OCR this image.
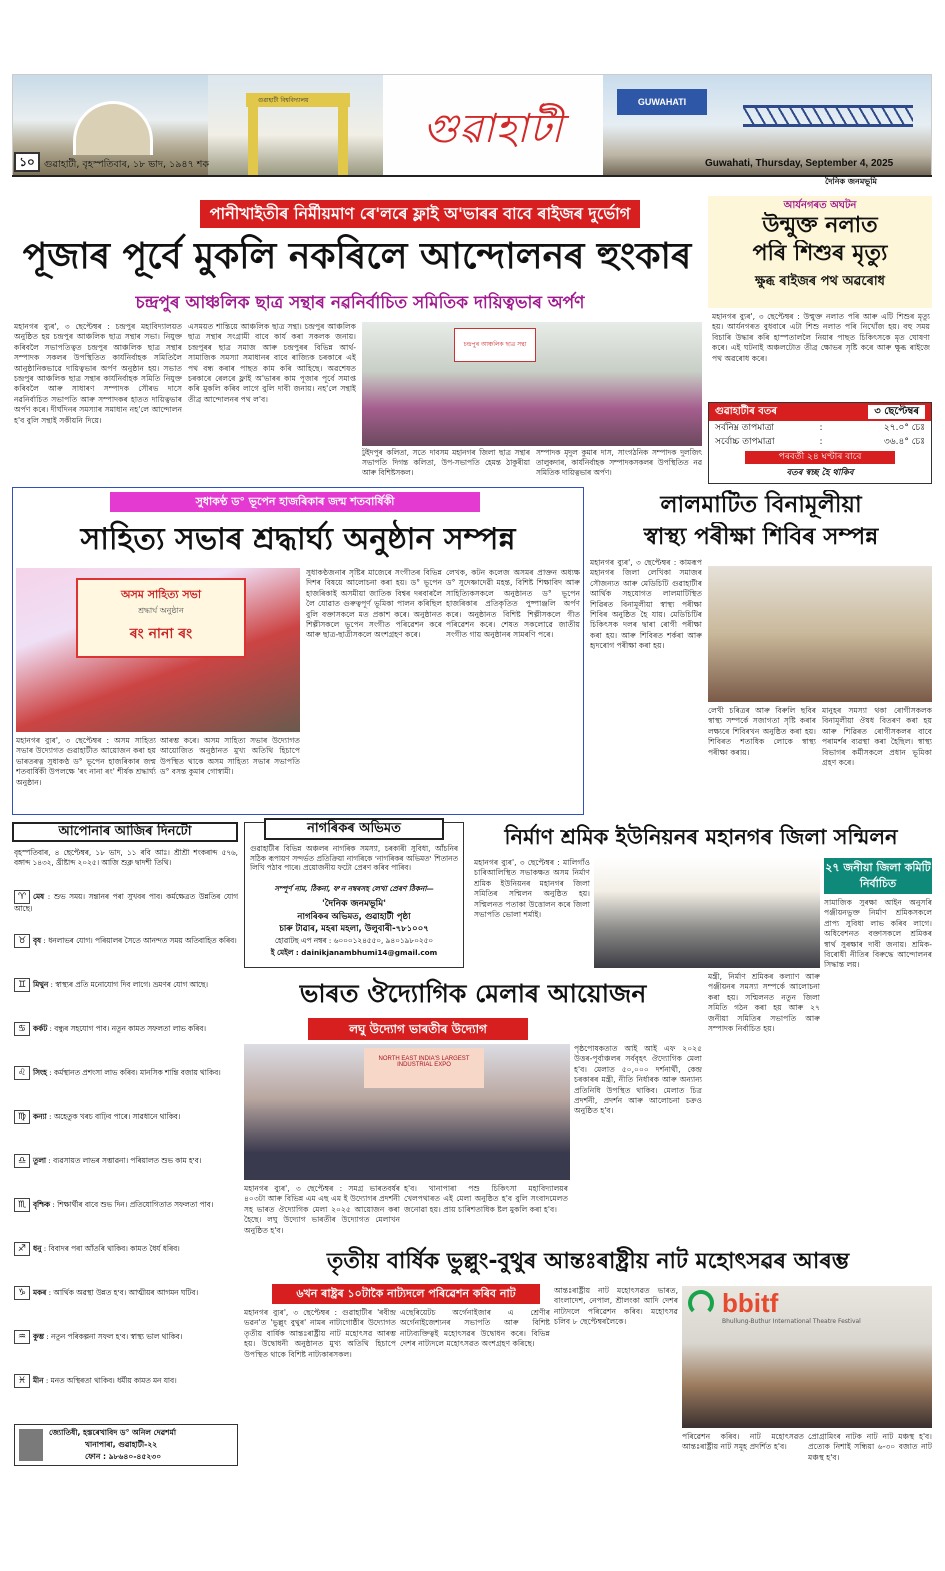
গুৱাহাটী বিশ্ববিদ্যালয়
গুৱাহাটী
GUWAHATI
১০ গুৱাহাটী, বৃহস্পতিবাৰ, ১৮ ভাদ, ১৯৪৭ শক	Guwahati, Thursday, September 4, 2025
দৈনিক জনমভূমি
পানীখাইতীৰ নিৰ্মীয়মাণ ৰে'লৰে ফ্লাই অ'ভাৰৰ বাবে ৰাইজৰ দুৰ্ভোগ
পূজাৰ পূৰ্বে মুকলি নকৰিলে আন্দোলনৰ হুংকাৰ
চন্দ্ৰপুৰ আঞ্চলিক ছাত্ৰ সন্থাৰ নৱনিৰ্বাচিত সমিতিক দায়িত্বভাৰ অৰ্পণ
মহানগৰ ব্যুৰ', ৩ ছেপ্টেম্বৰ : চন্দ্ৰপুৰ মহাবিদ্যালয়ত অনুষ্ঠিত হয় চন্দ্ৰপুৰ আঞ্চলিক ছাত্ৰ সন্থাৰ সভা। নিযুক্ত কৰিবলৈ সভাপতিত্বত চন্দ্ৰপুৰ আঞ্চলিক ছাত্ৰ সন্থাৰ সম্পাদক সকলৰ উপস্থিতিত কাৰ্যনিৰ্বাহক সমিতিলৈ আনুষ্ঠানিকভাৱে দায়িত্বভাৰ অৰ্পণ অনুষ্ঠান হয়। সভাত চন্দ্ৰপুৰ আঞ্চলিক ছাত্ৰ সন্থাৰ কাৰ্যনিৰ্বাহক সমিতি নিযুক্ত কৰিবলৈ আৰু সাধাৰণ সম্পাদক সৌৰভ দাসে নৱনিৰ্বাচিত সভাপতি আৰু সম্পাদকৰ হাতত দায়িত্বভাৰ অৰ্পণ কৰে। দীৰ্ঘদিনৰ সমস্যাৰ সমাধান নহ'লে আন্দোলন হ'ব বুলি সন্থাই সকীয়নি দিয়ে।
এসময়ত শান্তিয়ে আঞ্চলিক ছাত্ৰ সন্থা। চন্দ্ৰপুৰ আঞ্চলিক ছাত্ৰ সন্থাৰ সংগ্ৰামী বাবে কাৰ্য কৰা সকলক জনায়। চন্দ্ৰপুৰৰ ছাত্ৰ সমাজ আৰু চন্দ্ৰপুৰৰ বিভিন্ন আৰ্থ-সামাজিক সমস্যা সমাধানৰ বাবে ৰাজ্যিক চৰকাৰে এই পথ বন্ধ কৰাৰ পাছত কাম কৰি আহিছে। অৱশেষত চৰকাৰে ৰেলৰে ফ্লাই অ'ভাৰৰ কাম পূজাৰ পূৰ্বে সমাপ্ত কৰি মুকলি কৰিব লাগে বুলি দাবী জনায়। নহ'লে সন্থাই তীব্ৰ আন্দোলনৰ পথ ল'ব।
চন্দ্ৰপুৰ আঞ্চলিক ছাত্ৰ সন্থা
টুইদপুৰ কলিতা, সতে দাবসম মহানগৰ জিলা ছাত্ৰ সন্থাৰ সভাপতি দিগন্ত কলিতা, উপ-সভাপতি হেমন্ত ঠাকুৰীয়া আৰু বিশিষ্টসকল।
সম্পাদক মৃদুল কুমাৰ দাস, সাংগঠনিক সম্পাদক দুলজিৎ তালুকদাৰ, কাৰ্যনিৰ্বাহক সম্পাদকসকলৰ উপস্থিতিত নৱ সমিতিক দায়িত্বভাৰ অৰ্পণ।
আৰ্যনগৰত অঘটন
উন্মুক্ত নলাত
পৰি শিশুৰ মৃত্যু
ক্ষুব্ধ ৰাইজৰ পথ অৱৰোধ
মহানগৰ ব্যুৰ', ৩ ছেপ্টেম্বৰ : উন্মুক্ত নলাত পৰি আৰু এটি শিশুৰ মৃত্যু হয়। আৰ্যনগৰত বুধবাৰে এটা শিশু নলাত পৰি নিখোঁজ হয়। বহু সময় বিচাৰি উদ্ধাৰ কৰি হাস্পতাললৈ নিয়াৰ পাছত চিকিৎসকে মৃত ঘোষণা কৰে। এই ঘটনাই অঞ্চলটোত তীব্ৰ ক্ষোভৰ সৃষ্টি কৰে আৰু ক্ষুব্ধ ৰাইজে পথ অৱৰোধ কৰে।
গুৱাহাটীৰ বতৰ	৩ ছেপ্টেম্বৰ
সৰ্বনিম্ন তাপমাত্ৰা	:	২৭.০° চেঃ
সৰ্বোচ্চ তাপমাত্ৰা	:	৩৬.৪° চেঃ
পৰবৰ্তী ২৪ ঘণ্টাৰ বাবে
বতৰ স্বচ্ছ হৈ থাকিব
সুধাকণ্ঠ ড° ভূপেন হাজৰিকাৰ জন্ম শতবাৰ্ষিকী
সাহিত্য সভাৰ শ্ৰদ্ধাৰ্ঘ্য অনুষ্ঠান সম্পন্ন
অসম সাহিত্য সভা
শ্ৰদ্ধাৰ্ঘ অনুষ্ঠান
ৰং নানা ৰং
মহানগৰ ব্যুৰ', ৩ ছেপ্টেম্বৰ : অসম সাহিত্য সভাৰ উদ্যোগত গুৱাহাটীত আয়োজন কৰা হয় ভাৰতৰত্ন সুধাকণ্ঠ ড° ভূপেন হাজৰিকাৰ জন্ম শতবাৰ্ষিকী উপলক্ষে 'ৰং নানা ৰং' শীৰ্ষক শ্ৰদ্ধাৰ্ঘ্য অনুষ্ঠান।
আৰম্ভ কৰে। অসম সাহিত্য সভাৰ উদ্যোগত আয়োজিত অনুষ্ঠানত মুখ্য অতিথি হিচাপে উপস্থিত থাকে অসম সাহিত্য সভাৰ সভাপতি ড° বসন্ত কুমাৰ গোস্বামী।
সুধাকণ্ঠজনাৰ সৃষ্টিৰ মাজেৰে সংগীতৰ বিভিন্ন দিশৰ বিষয়ে আলোচনা কৰা হয়। ড° ভূপেন হাজৰিকাই অসমীয়া জাতিক বিশ্বৰ দৰবাৰলৈ লৈ যোৱাত গুৰুত্বপূৰ্ণ ভূমিকা পালন কৰিছিল বুলি বক্তাসকলে মত প্ৰকাশ কৰে। অনুষ্ঠানত শিল্পীসকলে ভূপেন সংগীত পৰিৱেশন কৰে আৰু ছাত্ৰ-ছাত্ৰীসকলে অংশগ্ৰহণ কৰে।
লেখক, কটন কলেজ অসমৰ প্ৰাক্তন অধ্যক্ষ ড° সুদেষ্ণাদেৱী মহন্ত, বিশিষ্ট শিক্ষাবিদ আৰু সাহিত্যিকসকলে অনুষ্ঠানত ড° ভূপেন হাজৰিকাৰ প্ৰতিকৃতিত পুষ্পাঞ্জলি অৰ্পণ কৰে। অনুষ্ঠানত বিশিষ্ট শিল্পীসকলে গীত পৰিৱেশন কৰে। শেষত সকলোৱে জাতীয় সংগীত গায় অনুষ্ঠানৰ সামৰণি পৰে।
লালমাটিত বিনামূলীয়া
স্বাস্থ্য পৰীক্ষা শিবিৰ সম্পন্ন
মহানগৰ ব্যুৰ', ৩ ছেপ্টেম্বৰ : কামৰূপ মহানগৰ জিলা লেখিকা সমাজৰ সৌজন্যত আৰু মেডিচিটি গুৱাহাটীৰ আৰ্থিক সহযোগত লালমাটিস্থিত শিৱিৰত বিনামূলীয়া স্বাস্থ্য পৰীক্ষা শিবিৰ অনুষ্ঠিত হৈ যায়। মেডিচিটিৰ চিকিৎসক দলৰ দ্বাৰা ৰোগী পৰীক্ষা কৰা হয়। আৰু শিবিৰত শৰ্কৰা আৰু হৃদৰোগ পৰীক্ষা কৰা হয়।
লেখী চৰিত্ৰৰ আৰু বিৰুলি ছবিৰ স্বাস্থ্য সম্পৰ্কে সজাগতা সৃষ্টি কৰাৰ লক্ষ্যৰে শিবিৰখন অনুষ্ঠিত কৰা হয়। শিবিৰত শতাধিক লোকে স্বাস্থ্য পৰীক্ষা কৰায়।
মানুহৰ সমস্যা থকা ৰোগীসকলক বিনামূলীয়া ঔষধ বিতৰণ কৰা হয় আৰু শিৱিৰত ৰোগীসকলৰ বাবে পৰামৰ্শৰ ব্যৱস্থা কৰা হৈছিল। স্বাস্থ্য বিভাগৰ কৰ্মীসকলে প্ৰধান ভূমিকা গ্ৰহণ কৰে।
আপোনাৰ আজিৰ দিনটো
বৃহস্পতিবাৰ, ৪ ছেপ্টেম্বৰ, ১৮ ভাদ, ১১ ৰবি আঃ। শ্ৰীশ্ৰী শংকৰাব্দ ৫৭৬, বঙ্গাব্দ ১৪৩২, খ্ৰীষ্টাব্দ ২০২৫। আজি শুক্ল দ্বাদশী তিথি।
♈ মেষ : শুভ সময়। সন্তানৰ পৰা সুখবৰ পাব। কৰ্মক্ষেত্ৰত উন্নতিৰ যোগ আছে।
♉ বৃষ : ধনলাভৰ যোগ। পৰিয়ালৰ সৈতে আনন্দত সময় অতিবাহিত কৰিব।
♊ মিথুন : স্বাস্থ্যৰ প্ৰতি মনোযোগ দিব লাগে। ভ্ৰমণৰ যোগ আছে।
♋ কৰ্কট : বন্ধুৰ সহযোগ পাব। নতুন কামত সফলতা লাভ কৰিব।
♌ সিংহ : কৰ্মস্থানত প্ৰশংসা লাভ কৰিব। মানসিক শান্তি বজায় থাকিব।
♍ কন্যা : অহেতুক খৰচ বাঢ়িব পাৰে। সাৱধানে থাকিব।
♎ তুলা : ব্যৱসায়ত লাভৰ সম্ভাৱনা। পৰিয়ালত শুভ কাম হ'ব।
♏ বৃশ্চিক : শিক্ষাৰ্থীৰ বাবে শুভ দিন। প্ৰতিযোগিতাত সফলতা পাব।
♐ ধনু : বিবাদৰ পৰা আঁতৰি থাকিব। কামত ধৈৰ্য ধৰিব।
♑ মকৰ : আৰ্থিক অৱস্থা উন্নত হ'ব। আত্মীয়ৰ আগমন ঘটিব।
♒ কুম্ভ : নতুন পৰিকল্পনা সফল হ'ব। স্বাস্থ্য ভাল থাকিব।
♓ মীন : মনত অস্থিৰতা থাকিব। ধৰ্মীয় কামত মন যাব।
জ্যোতিষী, হস্তৰেখাবিদ ড° অনিল দেৱশৰ্মা
খানাপাৰা, গুৱাহাটী-২২
ফোন : ৯৮৬৪০-৪৫২৩০
নাগৰিকৰ অভিমত
গুৱাহাটীৰ বিভিন্ন অঞ্চলৰ নাগৰিক সমস্যা, চৰকাৰী সুবিধা, আঁচনিৰ সঠিক ৰূপায়ণ সন্দৰ্ভত প্ৰতিক্ৰিয়া নাগৰিকে 'নাগৰিকৰ অভিমত' শিতানত লিখি পঠাব পাৰে। প্ৰয়োজনীয় ফটো প্ৰেৰণ কৰিব পাৰিব।
সম্পূৰ্ণ নাম, ঠিকনা, ফ'ন নম্বৰসহ লেখা প্ৰেৰণ ঠিকনা—
'দৈনিক জনমভূমি'
নাগৰিকৰ অভিমত, গুৱাহাটী পৃষ্ঠা
চাৰু টাৱাৰ, মহৰা মহলা, উলুবাৰী-৭৮১০০৭
হোৱাটছ এপ নম্বৰ : ৬০০০১২৪৫৫০, ৯৪০১৯৮০২৫০
ই মেইল : dainikjanambhumi14@gmail.com
নিৰ্মাণ শ্ৰমিক ইউনিয়নৰ মহানগৰ জিলা সন্মিলন
মহানগৰ ব্যুৰ', ৩ ছেপ্টেম্বৰ : মালিগাঁও চাৰিআলিস্থিত সভাকক্ষত অসম নিৰ্মাণ শ্ৰমিক ইউনিয়নৰ মহানগৰ জিলা সমিতিৰ সন্মিলন অনুষ্ঠিত হয়। সন্মিলনত পতাকা উত্তোলন কৰে জিলা সভাপতি ভোলা শৰ্মাই।
২৭ জনীয়া জিলা কমিটি নিৰ্বাচিত
সামাজিক সুৰক্ষা আইন অনুসৰি পঞ্জীয়নভুক্ত নিৰ্মাণ শ্ৰমিকসকলে প্ৰাপ্য সুবিধা লাভ কৰিব লাগে। অধিবেশনত বক্তাসকলে শ্ৰমিকৰ স্বাৰ্থ সুৰক্ষাৰ দাবী জনায়। শ্ৰমিক-বিৰোধী নীতিৰ বিৰুদ্ধে আন্দোলনৰ সিদ্ধান্ত লয়।
মন্ত্ৰী, নিৰ্মাণ শ্ৰমিকৰ কল্যাণ আৰু পঞ্জীয়নৰ সমস্যা সম্পৰ্কে আলোচনা কৰা হয়। সন্মিলনত নতুন জিলা সমিতি গঠন কৰা হয় আৰু ২৭ জনীয়া সমিতিৰ সভাপতি আৰু সম্পাদক নিৰ্বাচিত হয়।
ভাৰত ঔদ্যোগিক মেলাৰ আয়োজন
লঘু উদ্যোগ ভাৰতীৰ উদ্যোগ
NORTH EAST INDIA'S LARGEST INDUSTRIAL EXPO
মহানগৰ ব্যুৰ', ৩ ছেপ্টেম্বৰ : সমগ্ৰ ভাৰতবৰ্ষৰ ৪০৩টা আৰু বিভিন্ন এম এছ এম ই উদ্যোগৰ প্ৰদৰ্শনী সহ ভাৰত ঔদ্যোগিক মেলা ২০২৫ আয়োজন কৰা হৈছে। লঘু উদ্যোগ ভাৰতীৰ উদ্যোগত মেলাখন অনুষ্ঠিত হ'ব।
হ'ব। খানাপাৰা পশু চিকিৎসা মহাবিদ্যালয়ৰ খেলপথাৰত এই মেলা অনুষ্ঠিত হ'ব বুলি সংবাদমেলত জনোৱা হয়। প্ৰায় চাৰিশতাধিক ষ্টল মুকলি কৰা হ'ব।
পৃষ্ঠপোষকতাত আই আই এফ ২০২৫ উত্তৰ-পূৰ্বাঞ্চলৰ সৰ্ববৃহৎ ঔদ্যোগিক মেলা হ'ব। মেলাত ৫০,০০০ দৰ্শনাৰ্থী, কেন্দ্ৰ চৰকাৰৰ মন্ত্ৰী, নীতি নিৰ্ধাৰক আৰু অন্যান্য প্ৰতিনিধি উপস্থিত থাকিব। মেলাত চিত্ৰ প্ৰদৰ্শনী, প্ৰদৰ্শন আৰু আলোচনা চক্ৰও অনুষ্ঠিত হ'ব।
তৃতীয় বাৰ্ষিক ভুল্লুং-বুথুৰ আন্তঃৰাষ্ট্ৰীয় নাট মহোৎসৱৰ আৰম্ভ
৬খন ৰাষ্ট্ৰৰ ১০টাকৈ নাট্যদলে পৰিৱেশন কৰিব নাট
মহানগৰ ব্যুৰ', ৩ ছেপ্টেম্বৰ : গুৱাহাটীৰ 'ৰবীন্দ্ৰ ভৱন'ত 'ভুল্লুং বুথুৰ' নামৰ নাট্যগোষ্ঠীৰ উদ্যোগত তৃতীয় বাৰ্ষিক আন্তঃৰাষ্ট্ৰীয় নাট মহোৎসৱ আৰম্ভ হয়। উদ্বোধনী অনুষ্ঠানত মুখ্য অতিথি হিচাপে উপস্থিত থাকে বিশিষ্ট নাট্যকাৰসকল।
এছেৰিয়েটচ অৰ্গেনাইজাৰ এ শ্ৰেণীৰ অৰ্গেনাইজেশ্যনৰ সভাপতি আৰু বিশিষ্ট নাট্যব্যক্তিত্বই মহোৎসৱৰ উদ্বোধন কৰে। বিভিন্ন দেশৰ নাট্যদলে মহোৎসৱত অংশগ্ৰহণ কৰিছে।
আন্তঃৰাষ্ট্ৰীয় নাট মহোৎসৱত ভাৰত, বাংলাদেশ, নেপাল, শ্ৰীলংকা আদি দেশৰ নাট্যদলে পৰিৱেশন কৰিব। মহোৎসৱ চলিব ৮ ছেপ্টেম্বৰলৈকে।
bbitf
Bhullung-Buthur International Theatre Festival
পৰিৱেশন কৰিব। নাট মহোৎসৱত আন্তঃৰাষ্ট্ৰীয় নাট সমূহ প্ৰদৰ্শিত হ'ব।
প্ৰোগ্ৰামিংৰ নাটক নাট নাট মঞ্চস্থ হ'ব। প্ৰত্যেক নিশাই সন্ধিয়া ৬-৩০ বজাত নাট মঞ্চস্থ হ'ব।
